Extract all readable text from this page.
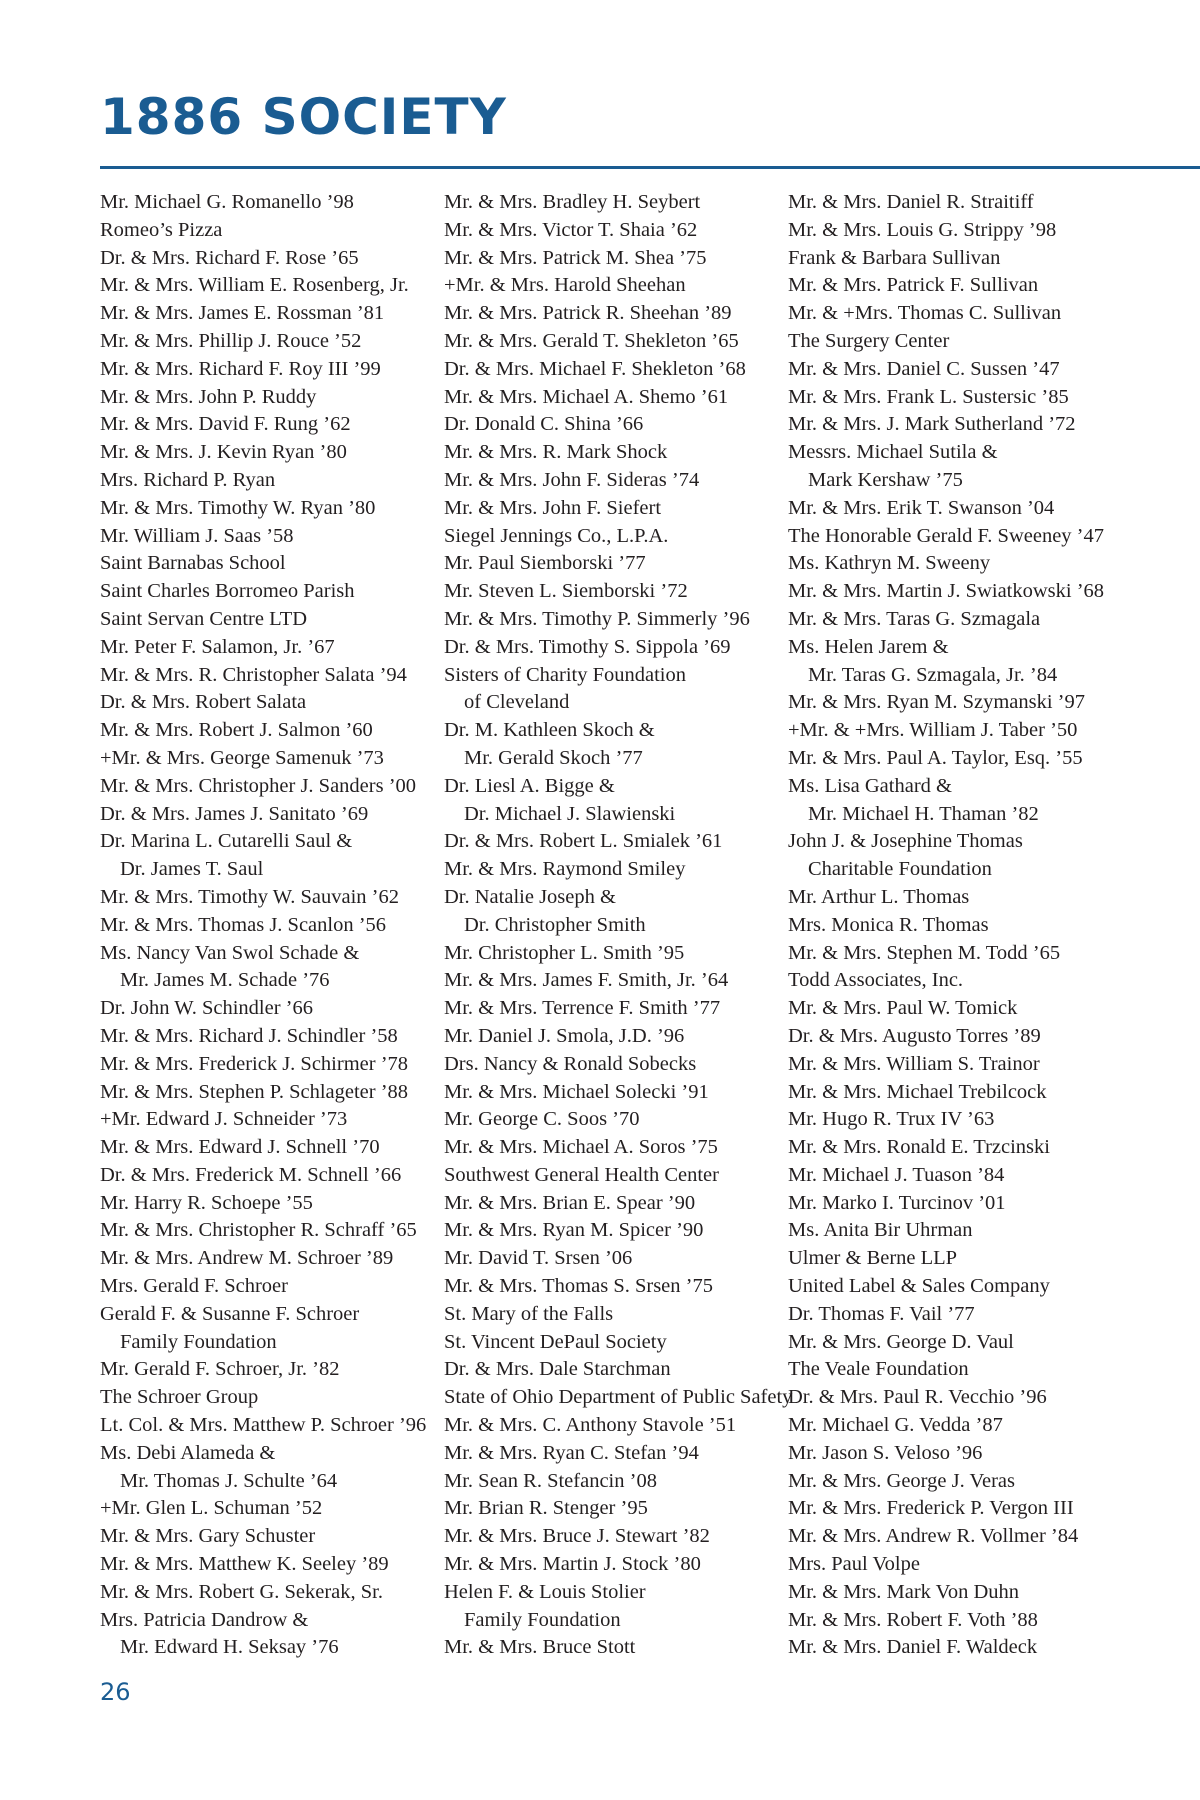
1886 SOCIETY
Mr. Michael G. Romanello ’98
Romeo’s Pizza
Dr. & Mrs. Richard F. Rose ’65
Mr. & Mrs. William E. Rosenberg, Jr.
Mr. & Mrs. James E. Rossman ’81
Mr. & Mrs. Phillip J. Rouce ’52
Mr. & Mrs. Richard F. Roy III ’99
Mr. & Mrs. John P. Ruddy
Mr. & Mrs. David F. Rung ’62
Mr. & Mrs. J. Kevin Ryan ’80
Mrs. Richard P. Ryan
Mr. & Mrs. Timothy W. Ryan ’80
Mr. William J. Saas ’58
Saint Barnabas School
Saint Charles Borromeo Parish
Saint Servan Centre LTD
Mr. Peter F. Salamon, Jr. ’67
Mr. & Mrs. R. Christopher Salata ’94
Dr. & Mrs. Robert Salata
Mr. & Mrs. Robert J. Salmon ’60
+Mr. & Mrs. George Samenuk ’73
Mr. & Mrs. Christopher J. Sanders ’00
Dr. & Mrs. James J. Sanitato ’69
Dr. Marina L. Cutarelli Saul &
Dr. James T. Saul
Mr. & Mrs. Timothy W. Sauvain ’62
Mr. & Mrs. Thomas J. Scanlon ’56
Ms. Nancy Van Swol Schade &
Mr. James M. Schade ’76
Dr. John W. Schindler ’66
Mr. & Mrs. Richard J. Schindler ’58
Mr. & Mrs. Frederick J. Schirmer ’78
Mr. & Mrs. Stephen P. Schlageter ’88
+Mr. Edward J. Schneider ’73
Mr. & Mrs. Edward J. Schnell ’70
Dr. & Mrs. Frederick M. Schnell ’66
Mr. Harry R. Schoepe ’55
Mr. & Mrs. Christopher R. Schraff ’65
Mr. & Mrs. Andrew M. Schroer ’89
Mrs. Gerald F. Schroer
Gerald F. & Susanne F. Schroer
Family Foundation
Mr. Gerald F. Schroer, Jr. ’82
The Schroer Group
Lt. Col. & Mrs. Matthew P. Schroer ’96
Ms. Debi Alameda &
Mr. Thomas J. Schulte ’64
+Mr. Glen L. Schuman ’52
Mr. & Mrs. Gary Schuster
Mr. & Mrs. Matthew K. Seeley ’89
Mr. & Mrs. Robert G. Sekerak, Sr.
Mrs. Patricia Dandrow &
Mr. Edward H. Seksay ’76
Mr. & Mrs. Bradley H. Seybert
Mr. & Mrs. Victor T. Shaia ’62
Mr. & Mrs. Patrick M. Shea ’75
+Mr. & Mrs. Harold Sheehan
Mr. & Mrs. Patrick R. Sheehan ’89
Mr. & Mrs. Gerald T. Shekleton ’65
Dr. & Mrs. Michael F. Shekleton ’68
Mr. & Mrs. Michael A. Shemo ’61
Dr. Donald C. Shina ’66
Mr. & Mrs. R. Mark Shock
Mr. & Mrs. John F. Sideras ’74
Mr. & Mrs. John F. Siefert
Siegel Jennings Co., L.P.A.
Mr. Paul Siemborski ’77
Mr. Steven L. Siemborski ’72
Mr. & Mrs. Timothy P. Simmerly ’96
Dr. & Mrs. Timothy S. Sippola ’69
Sisters of Charity Foundation
of Cleveland
Dr. M. Kathleen Skoch &
Mr. Gerald Skoch ’77
Dr. Liesl A. Bigge &
Dr. Michael J. Slawienski
Dr. & Mrs. Robert L. Smialek ’61
Mr. & Mrs. Raymond Smiley
Dr. Natalie Joseph &
Dr. Christopher Smith
Mr. Christopher L. Smith ’95
Mr. & Mrs. James F. Smith, Jr. ’64
Mr. & Mrs. Terrence F. Smith ’77
Mr. Daniel J. Smola, J.D. ’96
Drs. Nancy & Ronald Sobecks
Mr. & Mrs. Michael Solecki ’91
Mr. George C. Soos ’70
Mr. & Mrs. Michael A. Soros ’75
Southwest General Health Center
Mr. & Mrs. Brian E. Spear ’90
Mr. & Mrs. Ryan M. Spicer ’90
Mr. David T. Srsen ’06
Mr. & Mrs. Thomas S. Srsen ’75
St. Mary of the Falls
St. Vincent DePaul Society
Dr. & Mrs. Dale Starchman
State of Ohio Department of Public Safety
Mr. & Mrs. C. Anthony Stavole ’51
Mr. & Mrs. Ryan C. Stefan ’94
Mr. Sean R. Stefancin ’08
Mr. Brian R. Stenger ’95
Mr. & Mrs. Bruce J. Stewart ’82
Mr. & Mrs. Martin J. Stock ’80
Helen F. & Louis Stolier
Family Foundation
Mr. & Mrs. Bruce Stott
Mr. & Mrs. Daniel R. Straitiff
Mr. & Mrs. Louis G. Strippy ’98
Frank & Barbara Sullivan
Mr. & Mrs. Patrick F. Sullivan
Mr. & +Mrs. Thomas C. Sullivan
The Surgery Center
Mr. & Mrs. Daniel C. Sussen ’47
Mr. & Mrs. Frank L. Sustersic ’85
Mr. & Mrs. J. Mark Sutherland ’72
Messrs. Michael Sutila &
Mark Kershaw ’75
Mr. & Mrs. Erik T. Swanson ’04
The Honorable Gerald F. Sweeney ’47
Ms. Kathryn M. Sweeny
Mr. & Mrs. Martin J. Swiatkowski ’68
Mr. & Mrs. Taras G. Szmagala
Ms. Helen Jarem &
Mr. Taras G. Szmagala, Jr. ’84
Mr. & Mrs. Ryan M. Szymanski ’97
+Mr. & +Mrs. William J. Taber ’50
Mr. & Mrs. Paul A. Taylor, Esq. ’55
Ms. Lisa Gathard &
Mr. Michael H. Thaman ’82
John J. & Josephine Thomas
Charitable Foundation
Mr. Arthur L. Thomas
Mrs. Monica R. Thomas
Mr. & Mrs. Stephen M. Todd ’65
Todd Associates, Inc.
Mr. & Mrs. Paul W. Tomick
Dr. & Mrs. Augusto Torres ’89
Mr. & Mrs. William S. Trainor
Mr. & Mrs. Michael Trebilcock
Mr. Hugo R. Trux IV ’63
Mr. & Mrs. Ronald E. Trzcinski
Mr. Michael J. Tuason ’84
Mr. Marko I. Turcinov ’01
Ms. Anita Bir Uhrman
Ulmer & Berne LLP
United Label & Sales Company
Dr. Thomas F. Vail ’77
Mr. & Mrs. George D. Vaul
The Veale Foundation
Dr. & Mrs. Paul R. Vecchio ’96
Mr. Michael G. Vedda ’87
Mr. Jason S. Veloso ’96
Mr. & Mrs. George J. Veras
Mr. & Mrs. Frederick P. Vergon III
Mr. & Mrs. Andrew R. Vollmer ’84
Mrs. Paul Volpe
Mr. & Mrs. Mark Von Duhn
Mr. & Mrs. Robert F. Voth ’88
Mr. & Mrs. Daniel F. Waldeck
26
